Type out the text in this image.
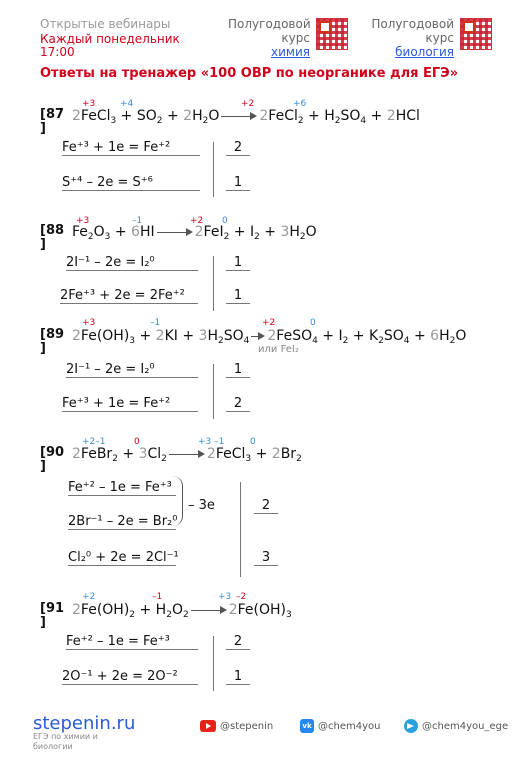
Открытые вебинары
Каждый понедельник
17:00
Полугодовой
курс
химия
Полугодовой
курс
биология
Ответы на тренажер «100 ОВР по неорганике для ЕГЭ»
+3	+4	+2	+6
[87
]
2FeCl$_3$ + $SO_2 + 2H_2O$	2FeCl$_2$ + $H_2SO_4 + 2HCl$
Fe⁺³ + 1e = Fe⁺²	2
S⁺⁴ – 2e = S⁺⁶	1
+3	–1	+2 0
[88
]
$Fe_2O_3 + 6HI$	$2FeI_2 + I_2 + 3H_2O$
2I⁻¹ – 2e = I₂⁰	1
2Fe⁺³ + 2e = 2Fe⁺²	1
+3	–1	+2	0
[89
]
$2Fe(OH)_3 + 2KI + 3H_2SO_4$ 2FeSO$_4$ + $I_2 + K_2SO_4 + 6H_2O$
или FeI₂
2I⁻¹ – 2e = I₂⁰	1
Fe⁺³ + 1e = Fe⁺²	2
+2–1	0	+3 –1	0
[90
]
2FeBr$_2$ + $3Cl_2$	2FeCl$_3$ + $2Br_2$
Fe⁺² – 1e = Fe⁺³
2Br⁻¹ – 2e = Br₂⁰
– 3e	2
Cl₂⁰ + 2e = 2Cl⁻¹	3
+2	–1	+3 –2
[91
]
$2Fe(OH)_2 + H_2O_2$	$2Fe(OH)_3$
Fe⁺² – 1e = Fe⁺³	2
2O⁻¹ + 2e = 2O⁻²	1
stepenin.ru
ЕГЭ по химии и биологии
@stepenin	vk @chem4you	@chem4you_ege
